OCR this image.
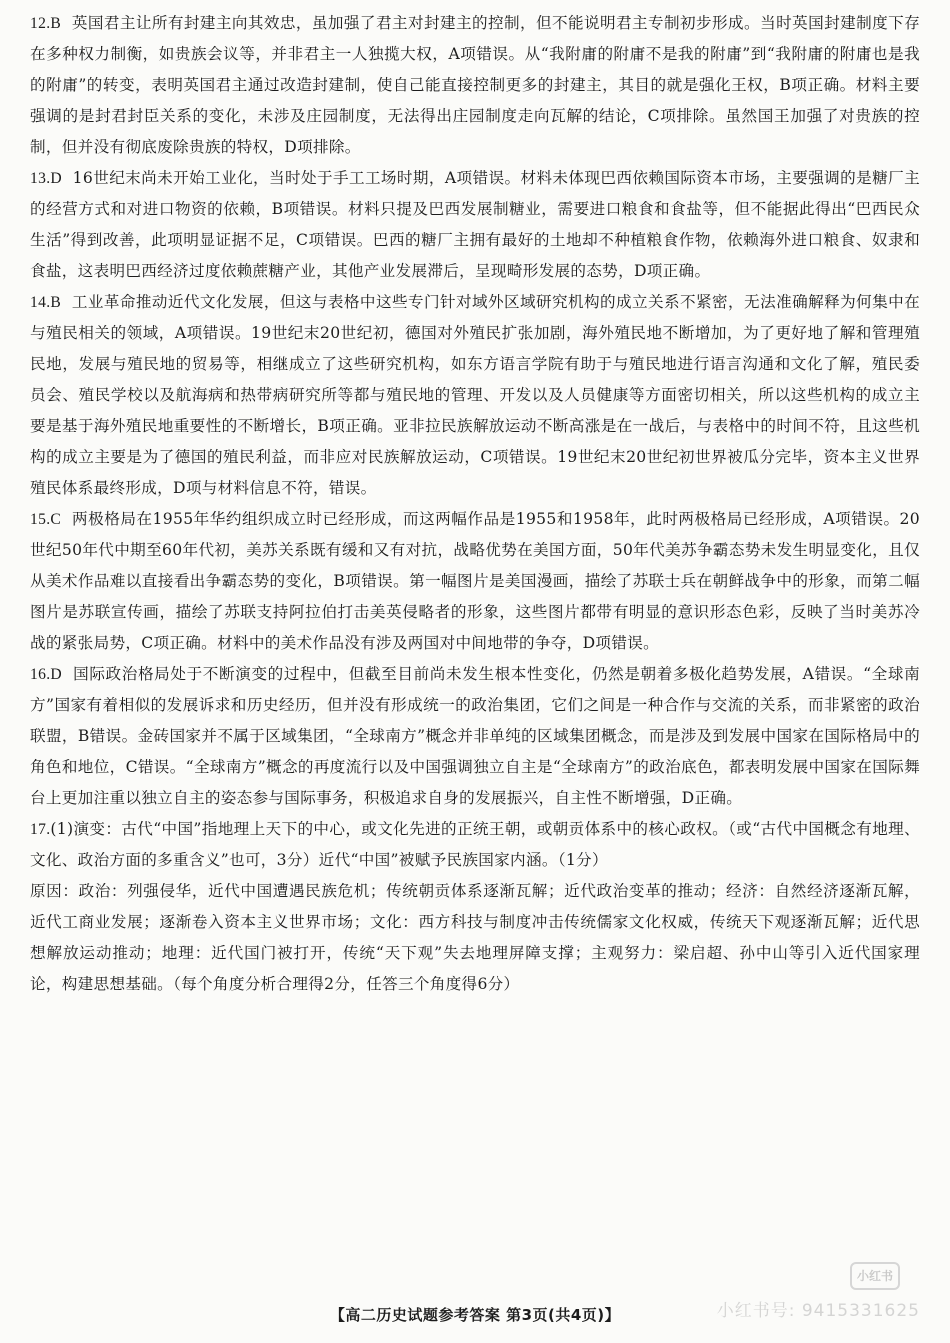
12.B 英国君主让所有封建主向其效忠，虽加强了君主对封建主的控制，但不能说明君主专制初步形成。当时英国封建制度下存在多种权力制衡，如贵族会议等，并非君主一人独揽大权，A项错误。从“我附庸的附庸不是我的附庸”到“我附庸的附庸也是我的附庸”的转变，表明英国君主通过改造封建制，使自己能直接控制更多的封建主，其目的就是强化王权，B项正确。材料主要强调的是封君封臣关系的变化，未涉及庄园制度，无法得出庄园制度走向瓦解的结论，C项排除。虽然国王加强了对贵族的控制，但并没有彻底废除贵族的特权，D项排除。

13.D 16世纪末尚未开始工业化，当时处于手工工场时期，A项错误。材料未体现巴西依赖国际资本市场，主要强调的是糖厂主的经营方式和对进口物资的依赖，B项错误。材料只提及巴西发展制糖业，需要进口粮食和食盐等，但不能据此得出“巴西民众生活”得到改善，此项明显证据不足，C项错误。巴西的糖厂主拥有最好的土地却不种植粮食作物，依赖海外进口粮食、奴隶和食盐，这表明巴西经济过度依赖蔗糖产业，其他产业发展滞后，呈现畸形发展的态势，D项正确。

14.B 工业革命推动近代文化发展，但这与表格中这些专门针对域外区域研究机构的成立关系不紧密，无法准确解释为何集中在与殖民相关的领域，A项错误。19世纪末20世纪初，德国对外殖民扩张加剧，海外殖民地不断增加，为了更好地了解和管理殖民地，发展与殖民地的贸易等，相继成立了这些研究机构，如东方语言学院有助于与殖民地进行语言沟通和文化了解，殖民委员会、殖民学校以及航海病和热带病研究所等都与殖民地的管理、开发以及人员健康等方面密切相关，所以这些机构的成立主要是基于海外殖民地重要性的不断增长，B项正确。亚非拉民族解放运动不断高涨是在一战后，与表格中的时间不符，且这些机构的成立主要是为了德国的殖民利益，而非应对民族解放运动，C项错误。19世纪末20世纪初世界被瓜分完毕，资本主义世界殖民体系最终形成，D项与材料信息不符，错误。

15.C 两极格局在1955年华约组织成立时已经形成，而这两幅作品是1955和1958年，此时两极格局已经形成，A项错误。20世纪50年代中期至60年代初，美苏关系既有缓和又有对抗，战略优势在美国方面，50年代美苏争霸态势未发生明显变化，且仅从美术作品难以直接看出争霸态势的变化，B项错误。第一幅图片是美国漫画，描绘了苏联士兵在朝鲜战争中的形象，而第二幅图片是苏联宣传画，描绘了苏联支持阿拉伯打击美英侵略者的形象，这些图片都带有明显的意识形态色彩，反映了当时美苏冷战的紧张局势，C项正确。材料中的美术作品没有涉及两国对中间地带的争夺，D项错误。

16.D 国际政治格局处于不断演变的过程中，但截至目前尚未发生根本性变化，仍然是朝着多极化趋势发展，A错误。“全球南方”国家有着相似的发展诉求和历史经历，但并没有形成统一的政治集团，它们之间是一种合作与交流的关系，而非紧密的政治联盟，B错误。金砖国家并不属于区域集团，“全球南方”概念并非单纯的区域集团概念，而是涉及到发展中国家在国际格局中的角色和地位，C错误。“全球南方”概念的再度流行以及中国强调独立自主是“全球南方”的政治底色，都表明发展中国家在国际舞台上更加注重以独立自主的姿态参与国际事务，积极追求自身的发展振兴，自主性不断增强，D正确。

17.(1)演变：古代“中国”指地理上天下的中心，或文化先进的正统王朝，或朝贡体系中的核心政权。（或“古代中国概念有地理、文化、政治方面的多重含义”也可，3分）近代“中国”被赋予民族国家内涵。（1分）

原因：政治：列强侵华，近代中国遭遇民族危机；传统朝贡体系逐渐瓦解；近代政治变革的推动；经济：自然经济逐渐瓦解，近代工商业发展；逐渐卷入资本主义世界市场；文化：西方科技与制度冲击传统儒家文化权威，传统天下观逐渐瓦解；近代思想解放运动推动；地理：近代国门被打开，传统“天下观”失去地理屏障支撑；主观努力：梁启超、孙中山等引入近代国家理论，构建思想基础。（每个角度分析合理得2分，任答三个角度得6分）

【高二历史试题参考答案 第3页(共4页)】
小红书
小红书号: 9415331625
